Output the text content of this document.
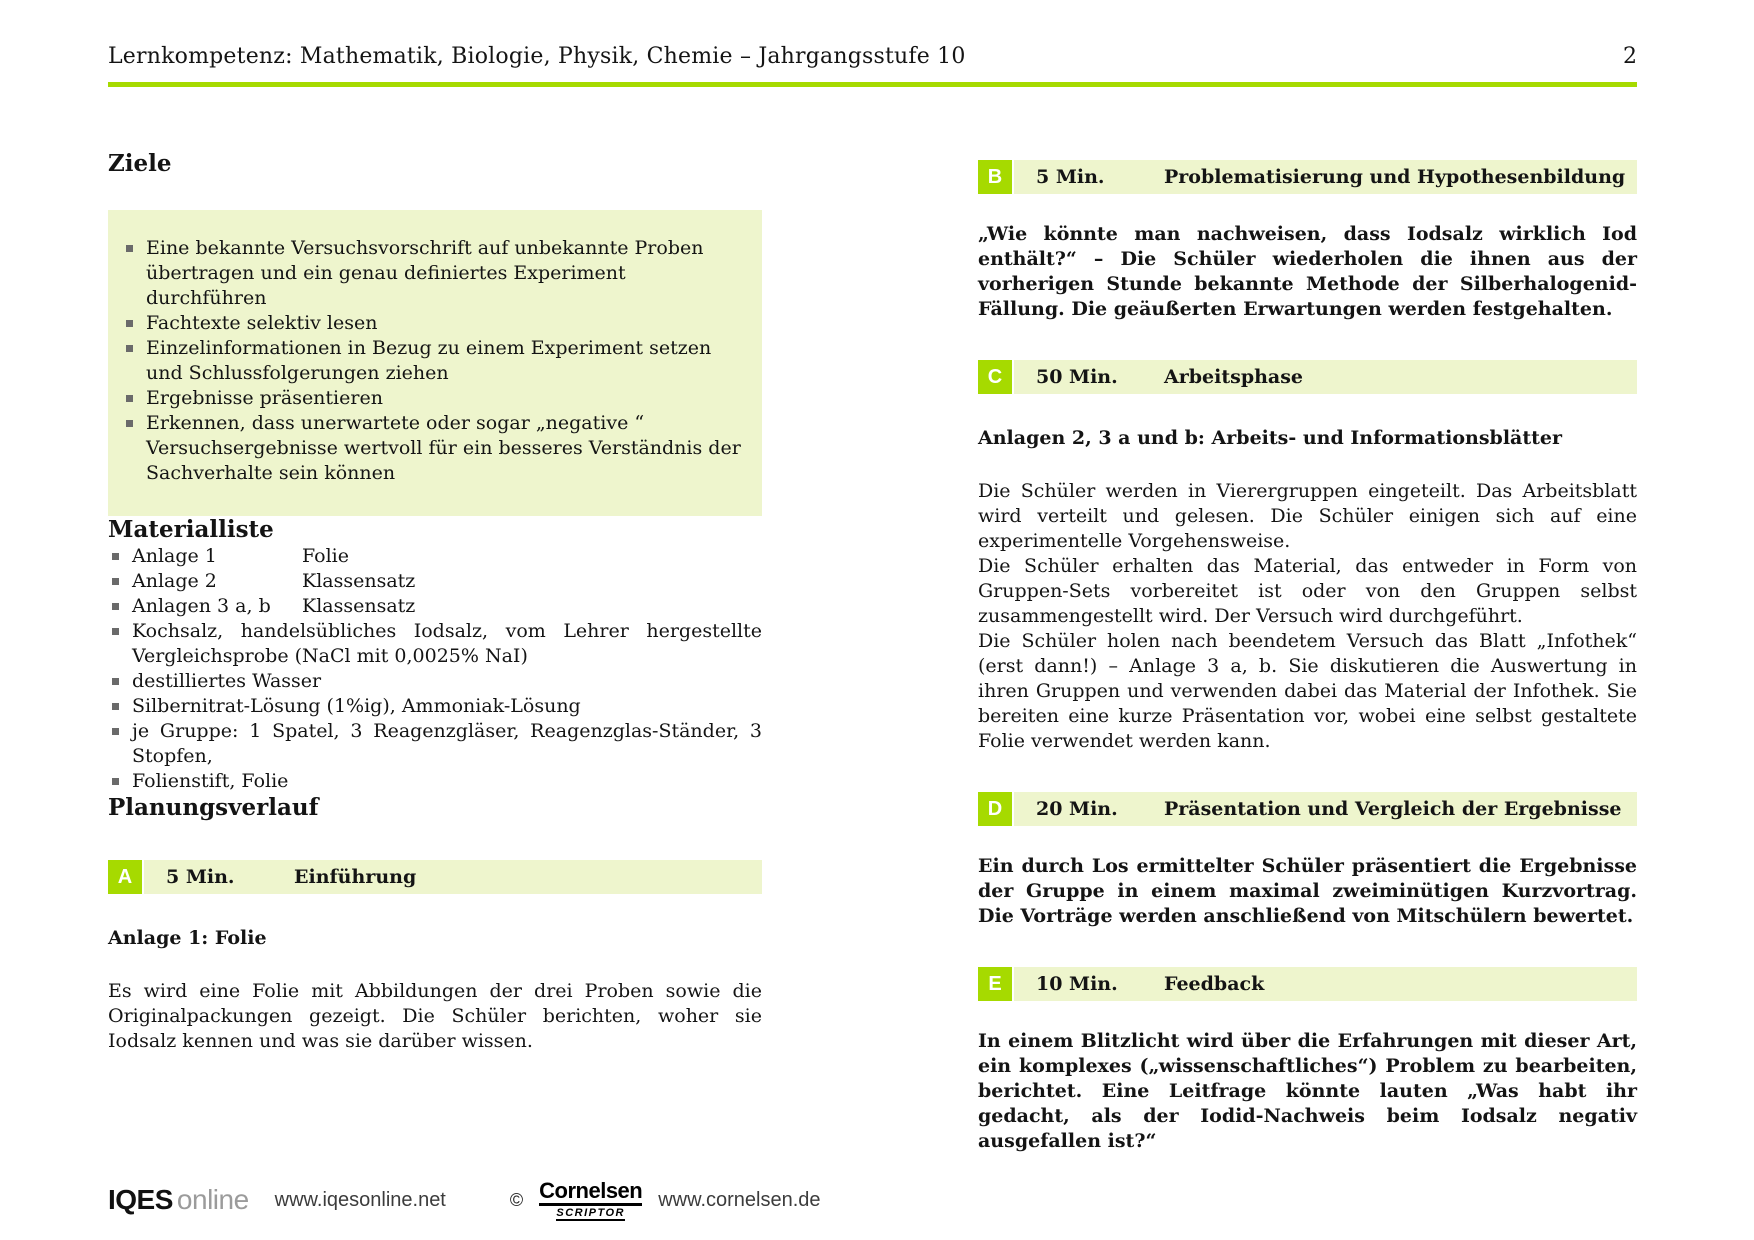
Lernkompetenz: Mathematik, Biologie, Physik, Chemie – Jahrgangsstufe 10	2
Ziele
Eine bekannte Versuchsvorschrift auf unbekannte Proben übertragen und ein genau definiertes Experiment durchführen
Fachtexte selektiv lesen
Einzelinformationen in Bezug zu einem Experiment setzen und Schlussfolgerungen ziehen
Ergebnisse präsentieren
Erkennen, dass unerwartete oder sogar „negative “ Versuchsergebnisse wertvoll für ein besseres Verständnis der Sachverhalte sein können
Materialliste
Anlage 1	Folie
Anlage 2	Klassensatz
Anlagen 3 a, b Klassensatz
Kochsalz, handelsübliches Iodsalz, vom Lehrer hergestellte Vergleichsprobe (NaCl mit 0,0025% NaI)
destilliertes Wasser
Silbernitrat-Lösung (1%ig), Ammoniak-Lösung
je Gruppe: 1 Spatel, 3 Reagenzgläser, Reagenzglas-Ständer, 3 Stopfen,
Folienstift, Folie
Planungsverlauf
A	5 Min.	Einführung

Anlage 1: Folie

Es wird eine Folie mit Abbildungen der drei Proben sowie die Originalpackungen gezeigt. Die Schüler berichten, woher sie Iodsalz kennen und was sie darüber wissen.

B	5 Min.	Problematisierung und Hypothesenbildung

„Wie könnte man nachweisen, dass Iodsalz wirklich Iod enthält?“ – Die Schüler wiederholen die ihnen aus der vorherigen Stunde bekannte Methode der Silberhalogenid-Fällung. Die geäußerten Erwartungen werden festgehalten.

C	50 Min.	Arbeitsphase

Anlagen 2, 3 a und b: Arbeits- und Informationsblätter

Die Schüler werden in Vierergruppen eingeteilt. Das Arbeitsblatt wird verteilt und gelesen. Die Schüler einigen sich auf eine experimentelle Vorgehensweise.

Die Schüler erhalten das Material, das entweder in Form von Gruppen-Sets vorbereitet ist oder von den Gruppen selbst zusammengestellt wird. Der Versuch wird durchgeführt.

Die Schüler holen nach beendetem Versuch das Blatt „Infothek“ (erst dann!) – Anlage 3 a, b. Sie diskutieren die Auswertung in ihren Gruppen und verwenden dabei das Material der Infothek. Sie bereiten eine kurze Präsentation vor, wobei eine selbst gestaltete Folie verwendet werden kann.

D	20 Min.	Präsentation und Vergleich der Ergebnisse

Ein durch Los ermittelter Schüler präsentiert die Ergebnisse der Gruppe in einem maximal zweiminütigen Kurzvortrag. Die Vorträge werden anschließend von Mitschülern bewertet.

E	10 Min.	Feedback

In einem Blitzlicht wird über die Erfahrungen mit dieser Art, ein komplexes („wissenschaftliches“) Problem zu bearbeiten, berichtet. Eine Leitfrage könnte lauten „Was habt ihr gedacht, als der Iodid-Nachweis beim Iodsalz negativ ausgefallen ist?“

IQES online www.iqesonline.net	© Cornelsen
SCRIPTOR
www.cornelsen.de
